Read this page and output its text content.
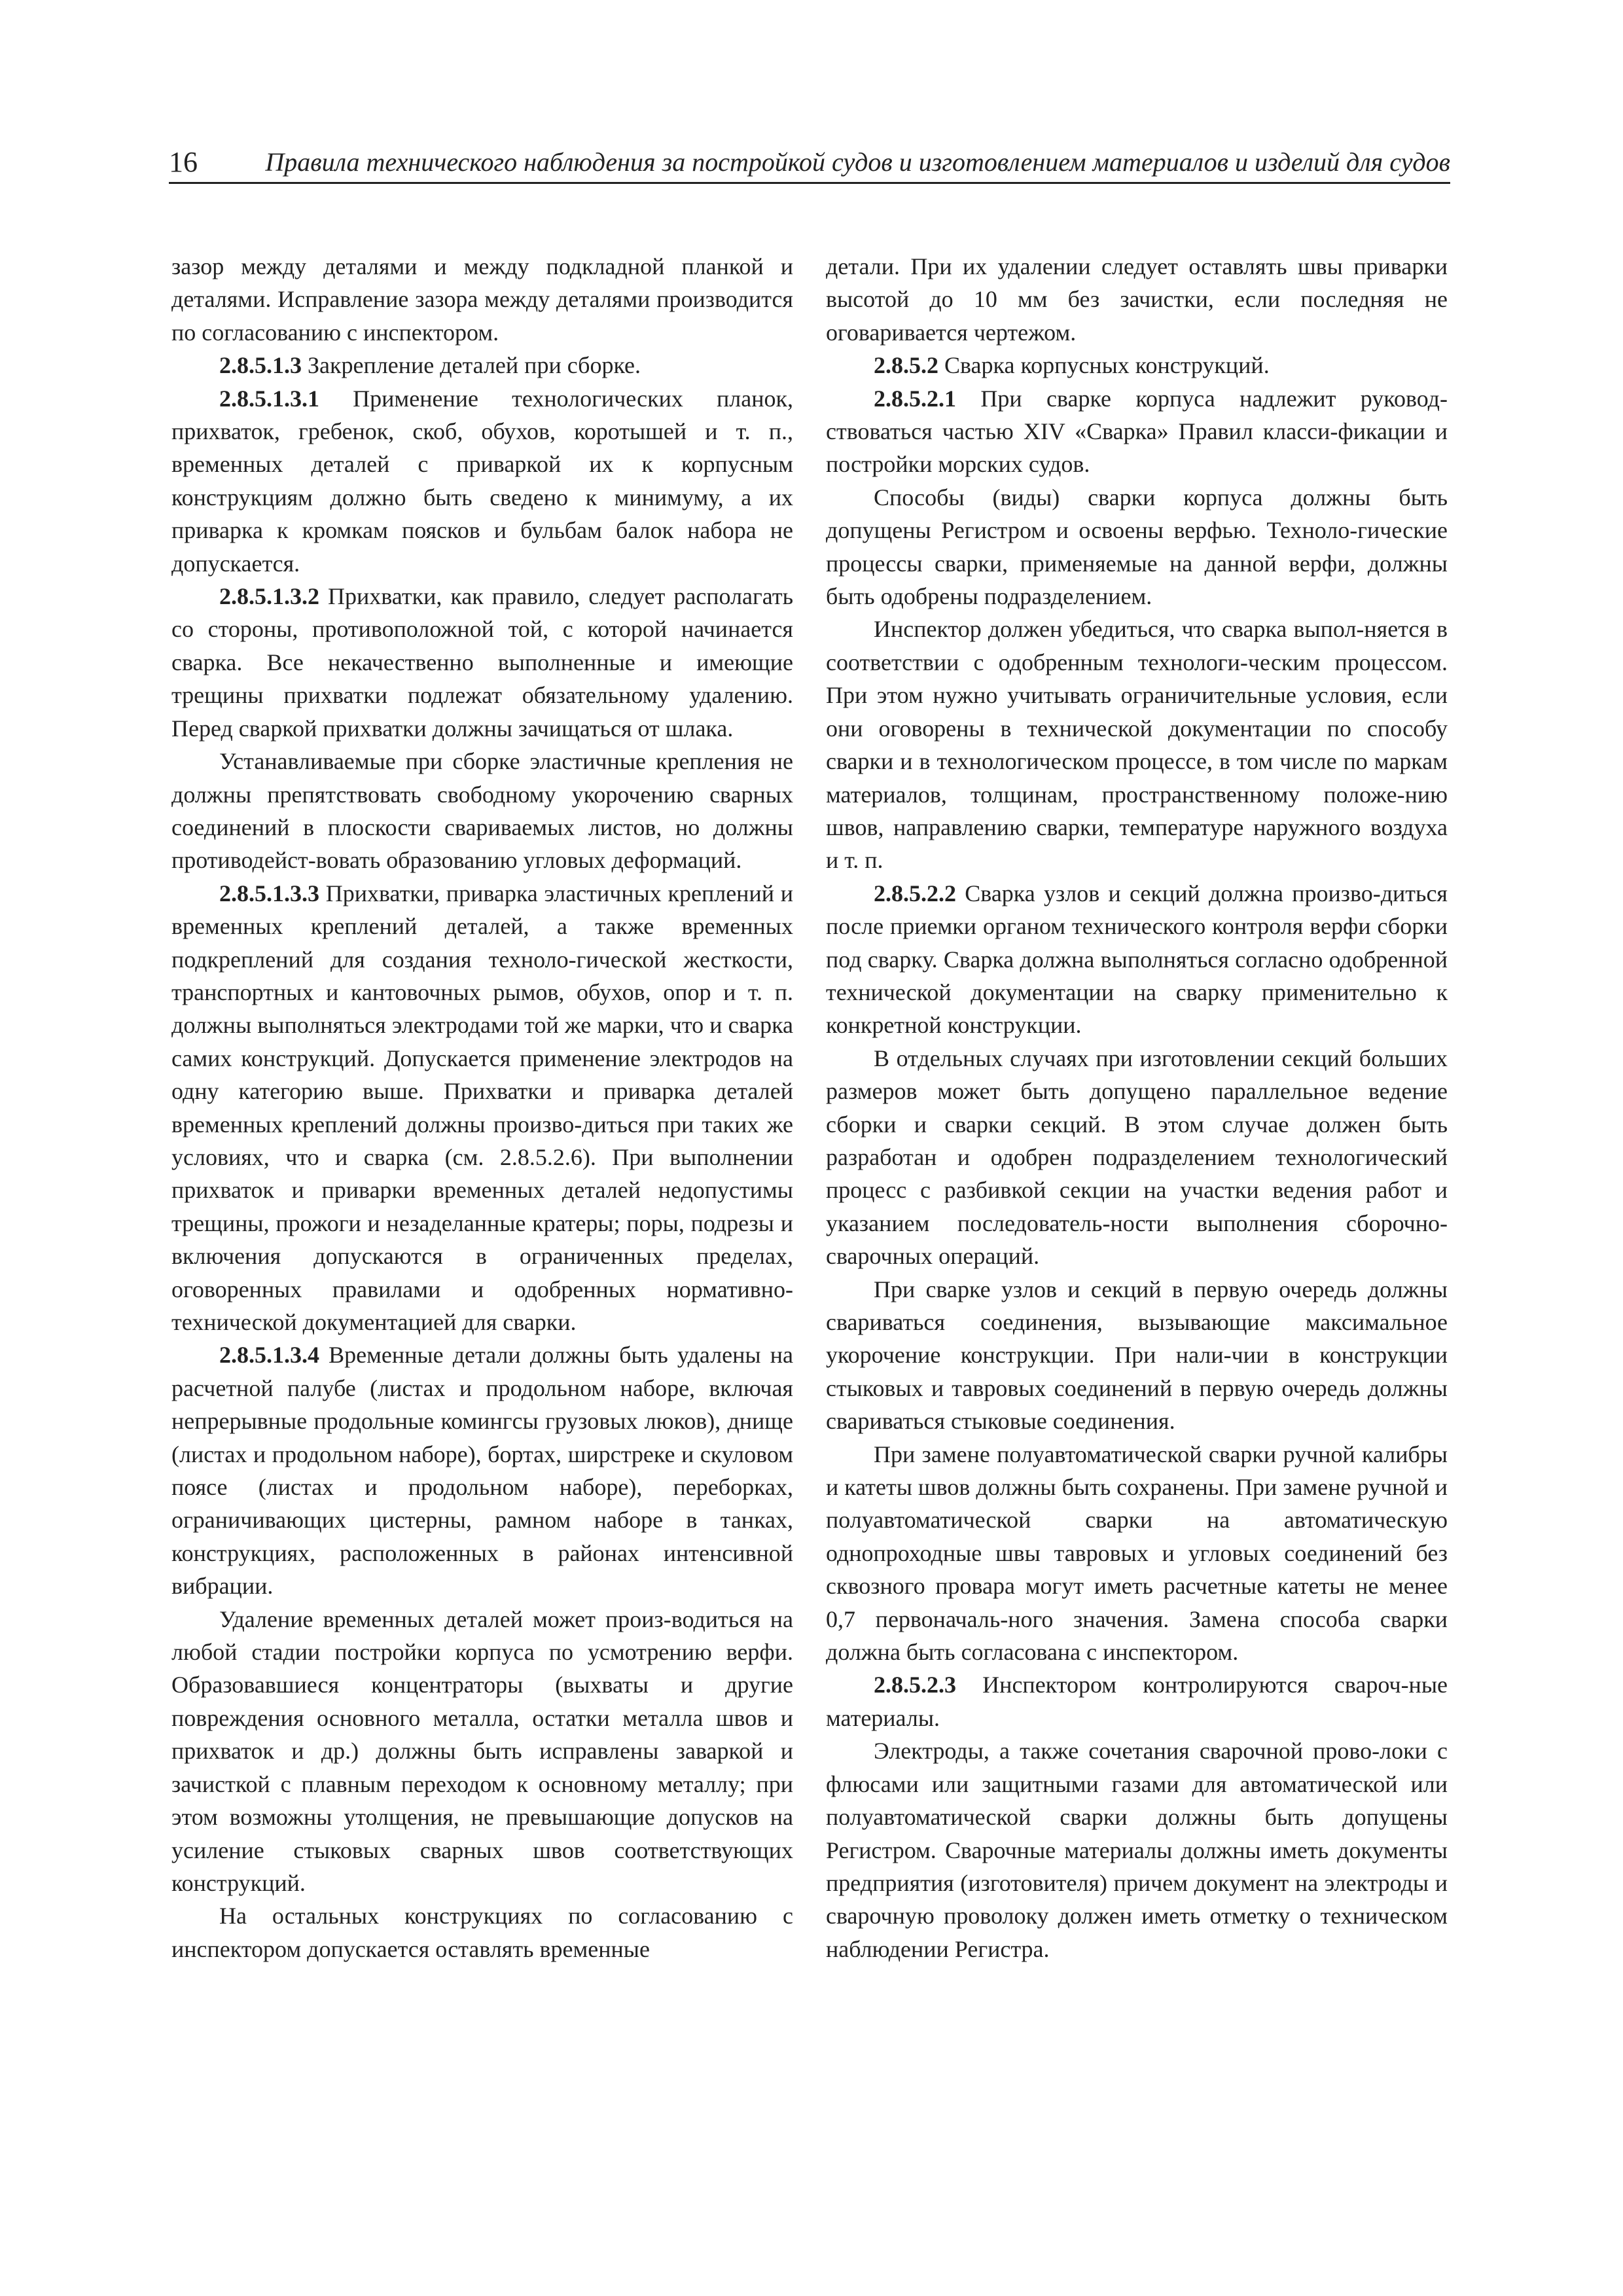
16	Правила технического наблюдения за постройкой судов и изготовлением материалов и изделий для судов

зазор между деталями и между подкладной планкой и деталями. Исправление зазора между деталями производится по согласованию с инспектором.

2.8.5.1.3 Закрепление деталей при сборке.

2.8.5.1.3.1 Применение технологических планок, прихваток, гребенок, скоб, обухов, коротышей и т. п., временных деталей с приваркой их к корпусным конструкциям должно быть сведено к минимуму, а их приварка к кромкам поясков и бульбам балок набора не допускается.

2.8.5.1.3.2 Прихватки, как правило, следует располагать со стороны, противоположной той, с которой начинается сварка. Все некачественно выполненные и имеющие трещины прихватки подлежат обязательному удалению. Перед сваркой прихватки должны зачищаться от шлака.

Устанавливаемые при сборке эластичные крепления не должны препятствовать свободному укорочению сварных соединений в плоскости свариваемых листов, но должны противодейст-вовать образованию угловых деформаций.

2.8.5.1.3.3 Прихватки, приварка эластичных креплений и временных креплений деталей, а также временных подкреплений для создания техноло-гической жесткости, транспортных и кантовочных рымов, обухов, опор и т. п. должны выполняться электродами той же марки, что и сварка самих конструкций. Допускается применение электродов на одну категорию выше. Прихватки и приварка деталей временных креплений должны произво-диться при таких же условиях, что и сварка (см. 2.8.5.2.6). При выполнении прихваток и приварки временных деталей недопустимы трещины, прожоги и незаделанные кратеры; поры, подрезы и включения допускаются в ограниченных пределах, оговоренных правилами и одобренных нормативно-технической документацией для сварки.

2.8.5.1.3.4 Временные детали должны быть удалены на расчетной палубе (листах и продольном наборе, включая непрерывные продольные комингсы грузовых люков), днище (листах и продольном наборе), бортах, ширстреке и скуловом поясе (листах и продольном наборе), переборках, ограничивающих цистерны, рамном наборе в танках, конструкциях, расположенных в районах интенсивной вибрации.

Удаление временных деталей может произ-водиться на любой стадии постройки корпуса по усмотрению верфи. Образовавшиеся концентраторы (выхваты и другие повреждения основного металла, остатки металла швов и прихваток и др.) должны быть исправлены заваркой и зачисткой с плавным переходом к основному металлу; при этом возможны утолщения, не превышающие допусков на усиление стыковых сварных швов соответствующих конструкций.

На остальных конструкциях по согласованию с инспектором допускается оставлять временные

детали. При их удалении следует оставлять швы приварки высотой до 10 мм без зачистки, если последняя не оговаривается чертежом.

2.8.5.2 Сварка корпусных конструкций.

2.8.5.2.1 При сварке корпуса надлежит руковод-ствоваться частью XIV «Сварка» Правил класси-фикации и постройки морских судов.

Способы (виды) сварки корпуса должны быть допущены Регистром и освоены верфью. Техноло-гические процессы сварки, применяемые на данной верфи, должны быть одобрены подразделением.

Инспектор должен убедиться, что сварка выпол-няется в соответствии с одобренным технологи-ческим процессом. При этом нужно учитывать ограничительные условия, если они оговорены в технической документации по способу сварки и в технологическом процессе, в том числе по маркам материалов, толщинам, пространственному положе-нию швов, направлению сварки, температуре наружного воздуха и т. п.

2.8.5.2.2 Сварка узлов и секций должна произво-диться после приемки органом технического контроля верфи сборки под сварку. Сварка должна выполняться согласно одобренной технической документации на сварку применительно к конкретной конструкции.

В отдельных случаях при изготовлении секций больших размеров может быть допущено параллельное ведение сборки и сварки секций. В этом случае должен быть разработан и одобрен подразделением технологический процесс с разбивкой секции на участки ведения работ и указанием последователь-ности выполнения сборочно-сварочных операций.

При сварке узлов и секций в первую очередь должны свариваться соединения, вызывающие максимальное укорочение конструкции. При нали-чии в конструкции стыковых и тавровых соединений в первую очередь должны свариваться стыковые соединения.

При замене полуавтоматической сварки ручной калибры и катеты швов должны быть сохранены. При замене ручной и полуавтоматической сварки на автоматическую однопроходные швы тавровых и угловых соединений без сквозного провара могут иметь расчетные катеты не менее 0,7 первоначаль-ного значения. Замена способа сварки должна быть согласована с инспектором.

2.8.5.2.3 Инспектором контролируются свароч-ные материалы.

Электроды, а также сочетания сварочной прово-локи с флюсами или защитными газами для автоматической или полуавтоматической сварки должны быть допущены Регистром. Сварочные материалы должны иметь документы предприятия (изготовителя) причем документ на электроды и сварочную проволоку должен иметь отметку о техническом наблюдении Регистра.
